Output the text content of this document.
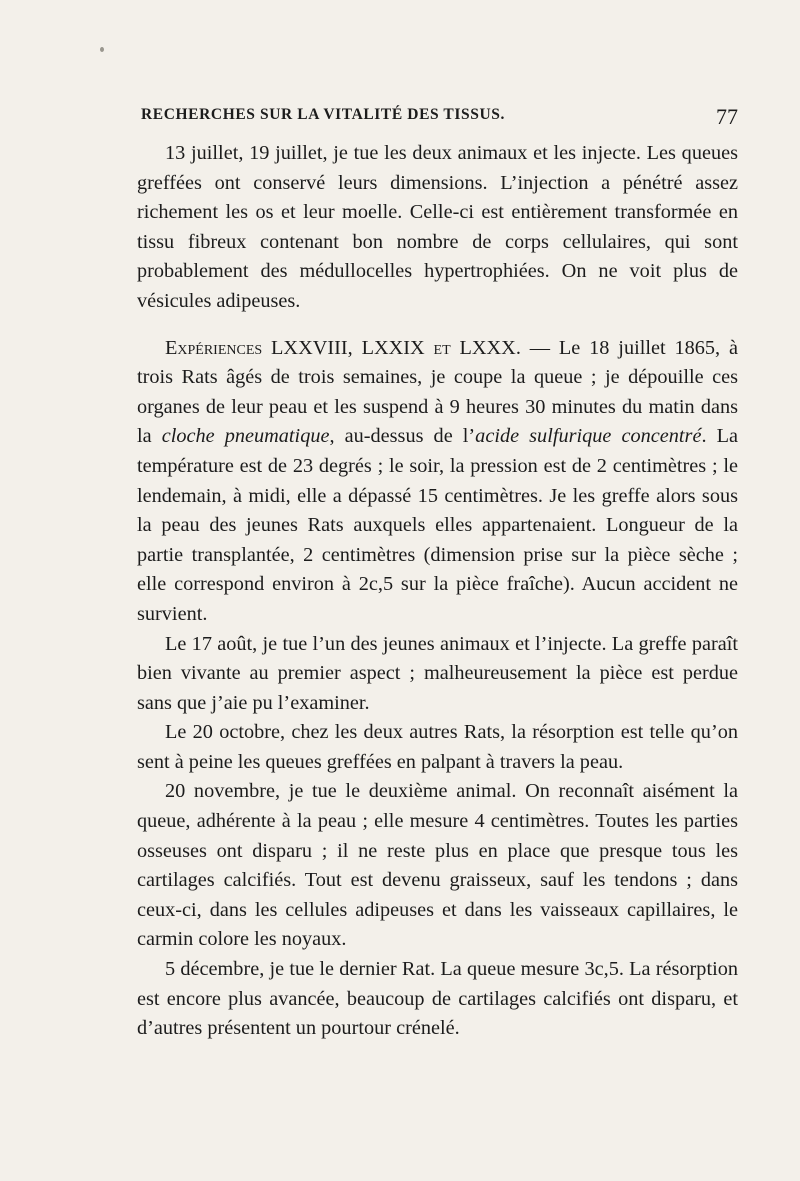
RECHERCHES SUR LA VITALITÉ DES TISSUS.	77

13 juillet, 19 juillet, je tue les deux animaux et les injecte. Les queues greffées ont conservé leurs dimensions. L’injection a pénétré assez richement les os et leur moelle. Celle-ci est entièrement transformée en tissu fibreux contenant bon nombre de corps cellulaires, qui sont probablement des médullocelles hypertrophiées. On ne voit plus de vésicules adipeuses.

Expériences LXXVIII, LXXIX et LXXX. — Le 18 juillet 1865, à trois Rats âgés de trois semaines, je coupe la queue ; je dépouille ces organes de leur peau et les suspend à 9 heures 30 minutes du matin dans la cloche pneumatique, au-dessus de l’acide sulfurique concentré. La température est de 23 degrés ; le soir, la pression est de 2 centimètres ; le lendemain, à midi, elle a dépassé 15 centimètres. Je les greffe alors sous la peau des jeunes Rats auxquels elles appartenaient. Longueur de la partie transplantée, 2 centimètres (dimension prise sur la pièce sèche ; elle correspond environ à 2c,5 sur la pièce fraîche). Aucun accident ne survient.

Le 17 août, je tue l’un des jeunes animaux et l’injecte. La greffe paraît bien vivante au premier aspect ; malheureusement la pièce est perdue sans que j’aie pu l’examiner.

Le 20 octobre, chez les deux autres Rats, la résorption est telle qu’on sent à peine les queues greffées en palpant à travers la peau.

20 novembre, je tue le deuxième animal. On reconnaît aisément la queue, adhérente à la peau ; elle mesure 4 centimètres. Toutes les parties osseuses ont disparu ; il ne reste plus en place que presque tous les cartilages calcifiés. Tout est devenu graisseux, sauf les tendons ; dans ceux-ci, dans les cellules adipeuses et dans les vaisseaux capillaires, le carmin colore les noyaux.

5 décembre, je tue le dernier Rat. La queue mesure 3c,5. La résorption est encore plus avancée, beaucoup de cartilages calcifiés ont disparu, et d’autres présentent un pourtour crénelé.
